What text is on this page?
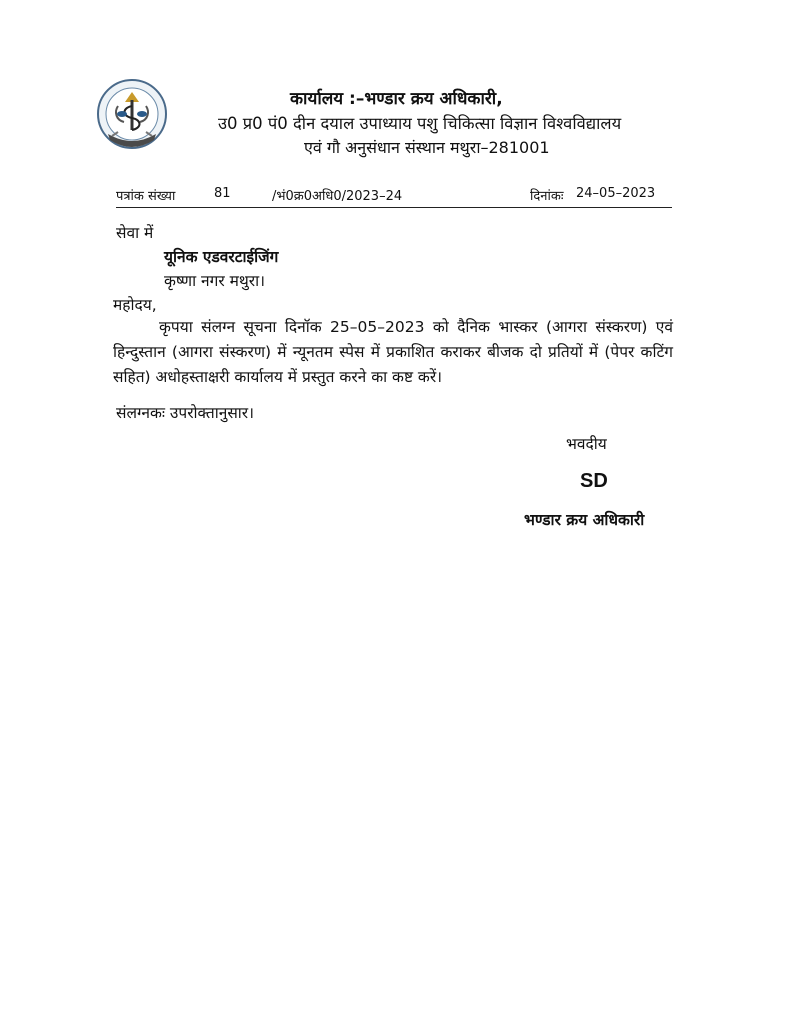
कार्यालय :–भण्डार क्रय अधिकारी,
उ0 प्र0 पं0 दीन दयाल उपाध्याय पशु चिकित्सा विज्ञान विश्वविद्यालय
एवं गौ अनुसंधान संस्थान मथुरा–281001
पत्रांक संख्या	81	/भं0क्र0अधि0/2023–24	दिनांकः 24–05–2023
सेवा में
यूनिक एडवरटाईजिंग
कृष्णा नगर मथुरा।
महोदय,
कृपया संलग्न सूचना दिनॉक 25–05–2023 को दैनिक भास्कर (आगरा संस्करण) एवं हिन्दुस्तान (आगरा संस्करण) में न्यूनतम स्पेस में प्रकाशित कराकर बीजक दो प्रतियों में (पेपर कटिंग सहित) अधोहस्ताक्षरी कार्यालय में प्रस्तुत करने का कष्ट करें।
संलग्नकः उपरोक्तानुसार।
भवदीय
SD
भण्डार क्रय अधिकारी
